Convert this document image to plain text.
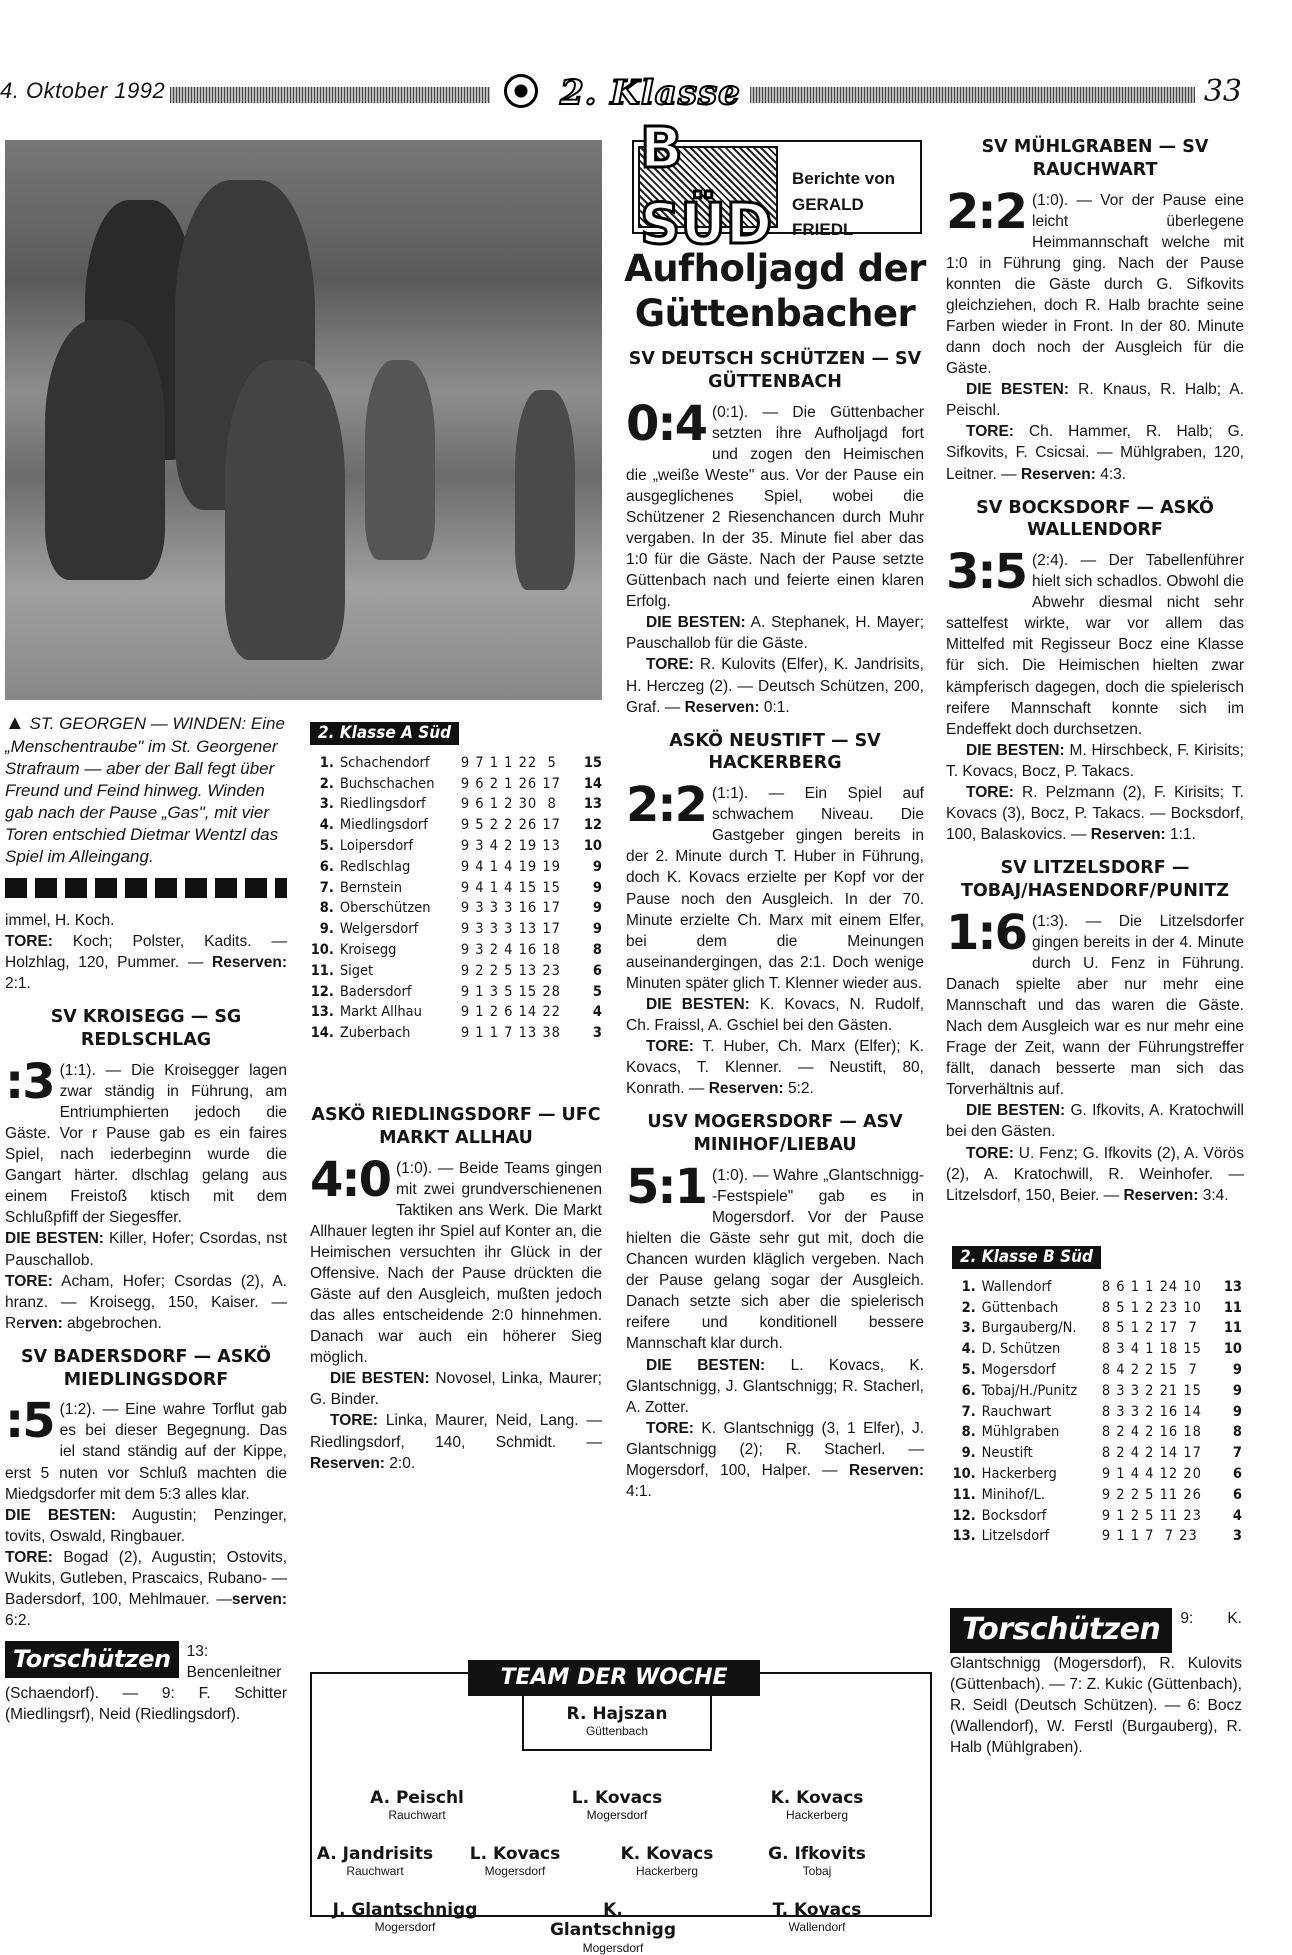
4. Oktober 1992	2. Klasse	33
▲ ST. GEORGEN — WINDEN: Eine „Menschentraube" im St. Georgener Strafraum — aber der Ball fegt über Freund und Feind hinweg. Winden gab nach der Pause „Gas", mit vier Toren entschied Dietmar Wentzl das Spiel im Alleingang.

immel, H. Koch.

TORE: Koch; Polster, Kadits. — Holzhlag, 120, Pummer. — Reserven: 2:1.

SV KROISEGG — SG REDLSCHLAG

:3 (1:1). — Die Kroisegger lagen zwar ständig in Führung, am Entriumphierten jedoch die Gäste. Vor r Pause gab es ein faires Spiel, nach iederbeginn wurde die Gangart härter. dlschlag gelang aus einem Freistoß ktisch mit dem Schlußpfiff der Siegesffer.

DIE BESTEN: Killer, Hofer; Csordas, nst Pauschallob.

TORE: Acham, Hofer; Csordas (2), A. hranz. — Kroisegg, 150, Kaiser. — Rerven: abgebrochen.

SV BADERSDORF — ASKÖ MIEDLINGSDORF

:5 (1:2). — Eine wahre Torflut gab es bei dieser Begegnung. Das iel stand ständig auf der Kippe, erst 5 nuten vor Schluß machten die Miedgsdorfer mit dem 5:3 alles klar.

DIE BESTEN: Augustin; Penzinger, tovits, Oswald, Ringbauer.

TORE: Bogad (2), Augustin; Ostovits, Wukits, Gutleben, Prascaics, Rubano- — Badersdorf, 100, Mehlmauer. —serven: 6:2.

Torschützen	13: Bencenleitner (Schaendorf). — 9: F. Schitter (Miedlingsrf), Neid (Riedlingsdorf).

2. Klasse A Süd
1. Schachendorf	9 7 1 1 22  5	15
2. Buchschachen	9 6 2 1 26 17	14
3. Riedlingsdorf	9 6 1 2 30  8	13
4. Miedlingsdorf	9 5 2 2 26 17	12
5. Loipersdorf	9 3 4 2 19 13	10
6. Redlschlag	9 4 1 4 19 19	9
7. Bernstein	9 4 1 4 15 15	9
8. Oberschützen	9 3 3 3 16 17	9
9. Welgersdorf	9 3 3 3 13 17	9
10. Kroisegg	9 3 2 4 16 18	8
11. Siget	9 2 2 5 13 23	6
12. Badersdorf	9 1 3 5 15 28	5
13. Markt Allhau	9 1 2 6 14 22	4
14. Zuberbach	9 1 1 7 13 38	3
ASKÖ RIEDLINGSDORF — UFC MARKT ALLHAU

4:0 (1:0). — Beide Teams gingen mit zwei grundverschienenen Taktiken ans Werk. Die Markt Allhauer legten ihr Spiel auf Konter an, die Heimischen versuchten ihr Glück in der Offensive. Nach der Pause drückten die Gäste auf den Ausgleich, mußten jedoch das alles entscheidende 2:0 hinnehmen. Danach war auch ein höherer Sieg möglich.

DIE BESTEN: Novosel, Linka, Maurer; G. Binder.

TORE: Linka, Maurer, Neid, Lang. — Riedlingsdorf, 140, Schmidt. — Reserven: 2:0.

B SÜD
Berichte von
GERALD FRIEDL
Aufholjagd der Güttenbacher
SV DEUTSCH SCHÜTZEN — SV GÜTTENBACH

0:4 (0:1). — Die Güttenbacher setzten ihre Aufholjagd fort und zogen den Heimischen die „weiße Weste" aus. Vor der Pause ein ausgeglichenes Spiel, wobei die Schützener 2 Riesenchancen durch Muhr vergaben. In der 35. Minute fiel aber das 1:0 für die Gäste. Nach der Pause setzte Güttenbach nach und feierte einen klaren Erfolg.

DIE BESTEN: A. Stephanek, H. Mayer; Pauschallob für die Gäste.

TORE: R. Kulovits (Elfer), K. Jandrisits, H. Herczeg (2). — Deutsch Schützen, 200, Graf. — Reserven: 0:1.

ASKÖ NEUSTIFT — SV HACKERBERG

2:2 (1:1). — Ein Spiel auf schwachem Niveau. Die Gastgeber gingen bereits in der 2. Minute durch T. Huber in Führung, doch K. Kovacs erzielte per Kopf vor der Pause noch den Ausgleich. In der 70. Minute erzielte Ch. Marx mit einem Elfer, bei dem die Meinungen auseinandergingen, das 2:1. Doch wenige Minuten später glich T. Klenner wieder aus.

DIE BESTEN: K. Kovacs, N. Rudolf, Ch. Fraissl, A. Gschiel bei den Gästen.

TORE: T. Huber, Ch. Marx (Elfer); K. Kovacs, T. Klenner. — Neustift, 80, Konrath. — Reserven: 5:2.

USV MOGERSDORF — ASV MINIHOF/LIEBAU

5:1 (1:0). — Wahre „Glantschnigg--Festspiele" gab es in Mogersdorf. Vor der Pause hielten die Gäste sehr gut mit, doch die Chancen wurden kläglich vergeben. Nach der Pause gelang sogar der Ausgleich. Danach setzte sich aber die spielerisch reifere und konditionell bessere Mannschaft klar durch.

DIE BESTEN: L. Kovacs, K. Glantschnigg, J. Glantschnigg; R. Stacherl, A. Zotter.

TORE: K. Glantschnigg (3, 1 Elfer), J. Glantschnigg (2); R. Stacherl. — Mogersdorf, 100, Halper. — Reserven: 4:1.

SV MÜHLGRABEN — SV RAUCHWART

2:2 (1:0). — Vor der Pause eine leicht überlegene Heimmannschaft welche mit 1:0 in Führung ging. Nach der Pause konnten die Gäste durch G. Sifkovits gleichziehen, doch R. Halb brachte seine Farben wieder in Front. In der 80. Minute dann doch noch der Ausgleich für die Gäste.

DIE BESTEN: R. Knaus, R. Halb; A. Peischl.

TORE: Ch. Hammer, R. Halb; G. Sifkovits, F. Csicsai. — Mühlgraben, 120, Leitner. — Reserven: 4:3.

SV BOCKSDORF — ASKÖ WALLENDORF

3:5 (2:4). — Der Tabellenführer hielt sich schadlos. Obwohl die Abwehr diesmal nicht sehr sattelfest wirkte, war vor allem das Mittelfed mit Regisseur Bocz eine Klasse für sich. Die Heimischen hielten zwar kämpferisch dagegen, doch die spielerisch reifere Mannschaft konnte sich im Endeffekt doch durchsetzen.

DIE BESTEN: M. Hirschbeck, F. Kirisits; T. Kovacs, Bocz, P. Takacs.

TORE: R. Pelzmann (2), F. Kirisits; T. Kovacs (3), Bocz, P. Takacs. — Bocksdorf, 100, Balaskovics. — Reserven: 1:1.

SV LITZELSDORF — TOBAJ/HASENDORF/PUNITZ

1:6 (1:3). — Die Litzelsdorfer gingen bereits in der 4. Minute durch U. Fenz in Führung. Danach spielte aber nur mehr eine Mannschaft und das waren die Gäste. Nach dem Ausgleich war es nur mehr eine Frage der Zeit, wann der Führungstreffer fällt, danach besserte man sich das Torverhältnis auf.

DIE BESTEN: G. Ifkovits, A. Kratochwill bei den Gästen.

TORE: U. Fenz; G. Ifkovits (2), A. Vörös (2), A. Kratochwill, R. Weinhofer. — Litzelsdorf, 150, Beier. — Reserven: 3:4.

2. Klasse B Süd
1. Wallendorf	8 6 1 1 24 10	13
2. Güttenbach	8 5 1 2 23 10	11
3. Burgauberg/N.	8 5 1 2 17  7	11
4. D. Schützen	8 3 4 1 18 15	10
5. Mogersdorf	8 4 2 2 15  7	9
6. Tobaj/H./Punitz	8 3 3 2 21 15	9
7. Rauchwart	8 3 3 2 16 14	9
8. Mühlgraben	8 2 4 2 16 18	8
9. Neustift	8 2 4 2 14 17	7
10. Hackerberg	9 1 4 4 12 20	6
11. Minihof/L.	9 2 2 5 11 26	6
12. Bocksdorf	9 1 2 5 11 23	4
13. Litzelsdorf	9 1 1 7  7 23	3

Torschützen	9: K. Glantschnigg (Mogersdorf), R. Kulovits (Güttenbach). — 7: Z. Kukic (Güttenbach), R. Seidl (Deutsch Schützen). — 6: Bocz (Wallendorf), W. Ferstl (Burgauberg), R. Halb (Mühlgraben).

TEAM DER WOCHE
R. Hajszan
Güttenbach
A. Peischl
Rauchwart
L. Kovacs
Mogersdorf
K. Kovacs
Hackerberg
A. Jandrisits
Rauchwart
L. Kovacs
Mogersdorf
K. Kovacs
Hackerberg
G. Ifkovits
Tobaj
J. Glantschnigg
Mogersdorf
K. Glantschnigg
Mogersdorf
T. Kovacs
Wallendorf
